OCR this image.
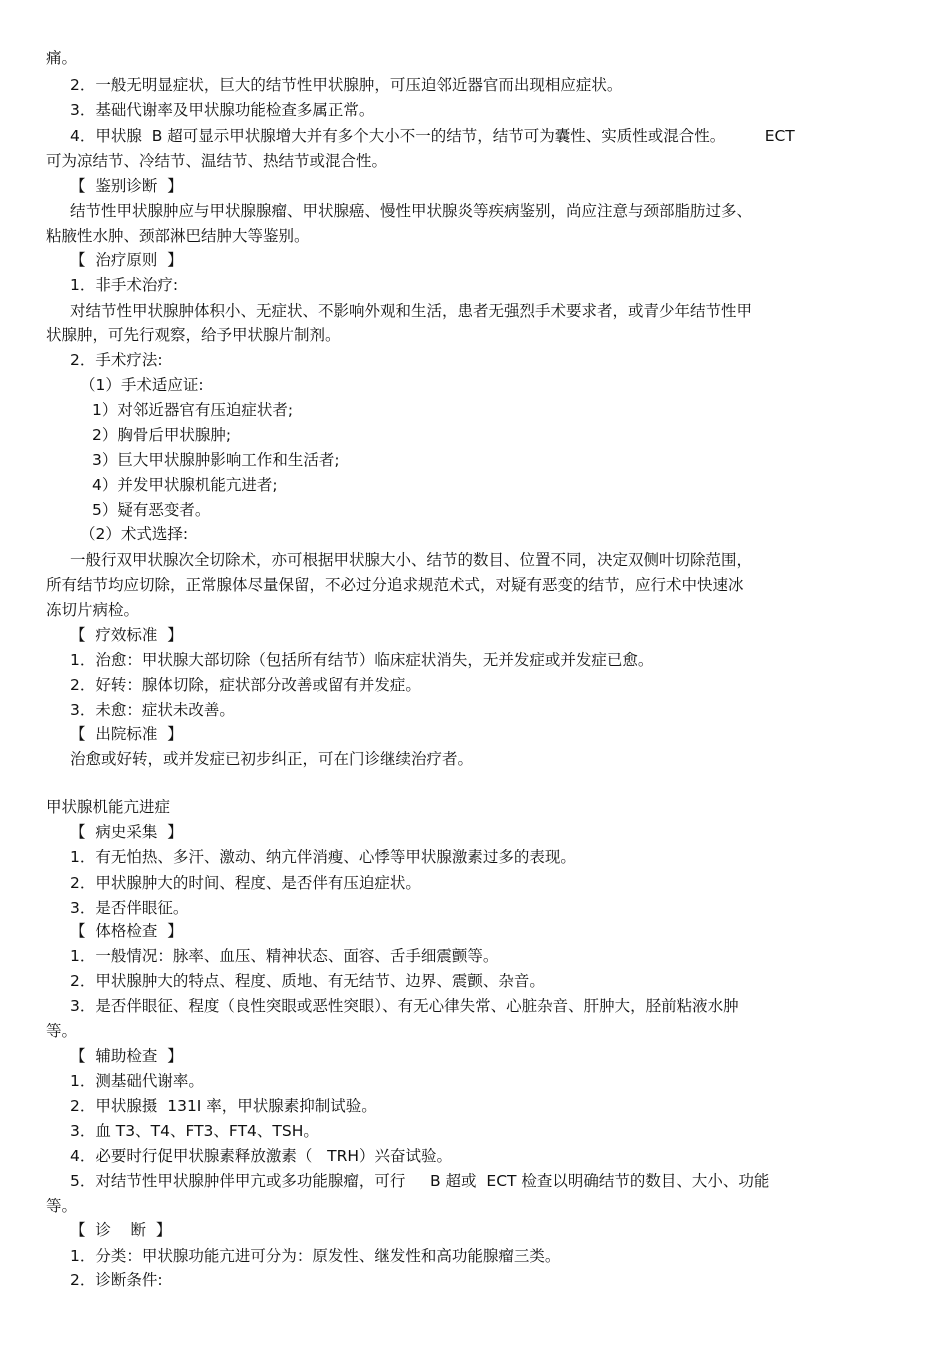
痛。
2．一般无明显症状，巨大的结节性甲状腺肿，可压迫邻近器官而出现相应症状。
3．基础代谢率及甲状腺功能检查多属正常。
4．甲状腺  B 超可显示甲状腺增大并有多个大小不一的结节，结节可为囊性、实质性或混合性。        ECT
可为凉结节、冷结节、温结节、热结节或混合性。
【  鉴别诊断  】
结节性甲状腺肿应与甲状腺腺瘤、甲状腺癌、慢性甲状腺炎等疾病鉴别，尚应注意与颈部脂肪过多、
粘腋性水肿、颈部淋巴结肿大等鉴别。
【  治疗原则  】
1．非手术治疗:
对结节性甲状腺肿体积小、无症状、不影响外观和生活，患者无强烈手术要求者，或青少年结节性甲
状腺肿，可先行观察，给予甲状腺片制剂。
2．手术疗法:
（1）手术适应证:
1）对邻近器官有压迫症状者;
2）胸骨后甲状腺肿;
3）巨大甲状腺肿影响工作和生活者;
4）并发甲状腺机能亢进者;
5）疑有恶变者。
（2）术式选择:
一般行双甲状腺次全切除术，亦可根据甲状腺大小、结节的数目、位置不同，决定双侧叶切除范围，
所有结节均应切除，正常腺体尽量保留，不必过分追求规范术式，对疑有恶变的结节，应行术中快速冰
冻切片病检。
【  疗效标准  】
1．治愈：甲状腺大部切除（包括所有结节）临床症状消失，无并发症或并发症已愈。
2．好转：腺体切除，症状部分改善或留有并发症。
3．未愈：症状未改善。
【  出院标准  】
治愈或好转，或并发症已初步纠正，可在门诊继续治疗者。
甲状腺机能亢进症
【  病史采集  】
1．有无怕热、多汗、激动、纳亢伴消瘦、心悸等甲状腺激素过多的表现。
2．甲状腺肿大的时间、程度、是否伴有压迫症状。
3．是否伴眼征。
【  体格检查  】
1．一般情况：脉率、血压、精神状态、面容、舌手细震颤等。
2．甲状腺肿大的特点、程度、质地、有无结节、边界、震颤、杂音。
3．是否伴眼征、程度（良性突眼或恶性突眼）、有无心律失常、心脏杂音、肝肿大，胫前粘液水肿
等。
【  辅助检查  】
1．测基础代谢率。
2．甲状腺摄  131I 率，甲状腺素抑制试验。
3．血 T3、T4、FT3、FT4、TSH。
4．必要时行促甲状腺素释放激素（   TRH）兴奋试验。
5．对结节性甲状腺肿伴甲亢或多功能腺瘤，可行     B 超或  ECT 检查以明确结节的数目、大小、功能
等。
【  诊    断  】
1．分类：甲状腺功能亢进可分为：原发性、继发性和高功能腺瘤三类。
2．诊断条件:
